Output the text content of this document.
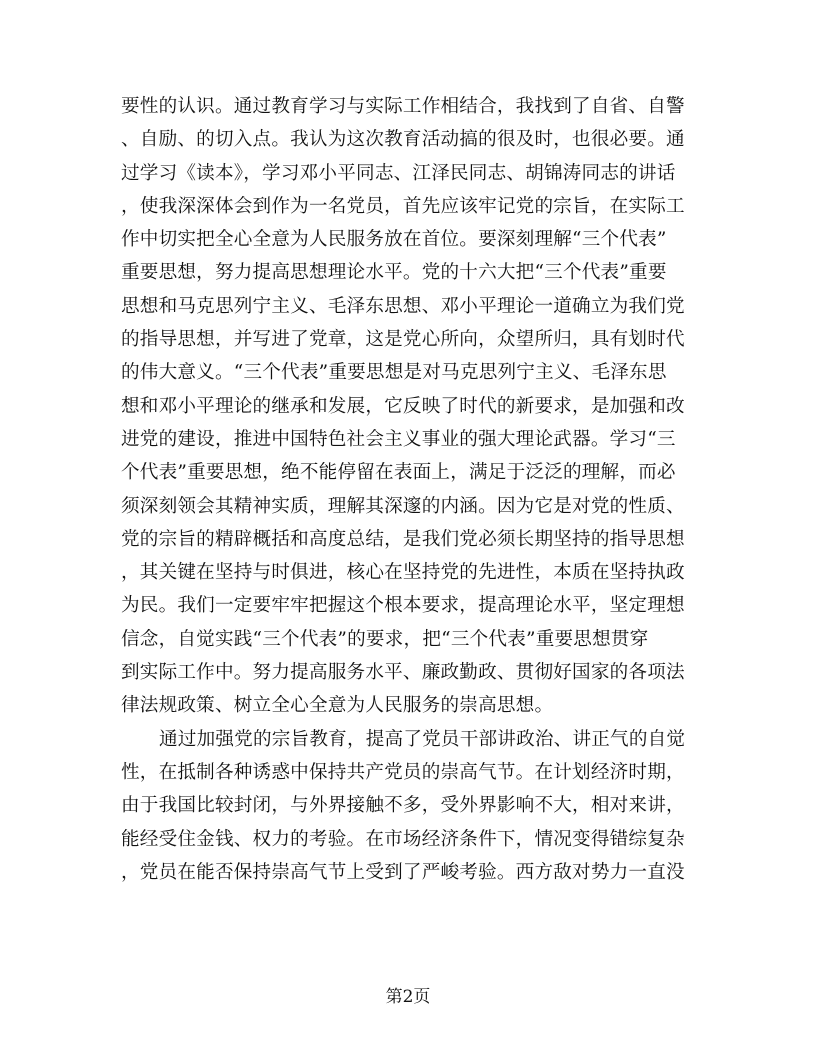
要性的认识。通过教育学习与实际工作相结合，我找到了自省、自警
、自励、的切入点。我认为这次教育活动搞的很及时，也很必要。通
过学习《读本》，学习邓小平同志、江泽民同志、胡锦涛同志的讲话
，使我深深体会到作为一名党员，首先应该牢记党的宗旨，在实际工
作中切实把全心全意为人民服务放在首位。要深刻理解“三个代表”
重要思想，努力提高思想理论水平。党的十六大把“三个代表”重要
思想和马克思列宁主义、毛泽东思想、邓小平理论一道确立为我们党
的指导思想，并写进了党章，这是党心所向，众望所归，具有划时代
的伟大意义。“三个代表”重要思想是对马克思列宁主义、毛泽东思
想和邓小平理论的继承和发展，它反映了时代的新要求，是加强和改
进党的建设，推进中国特色社会主义事业的强大理论武器。学习“三
个代表”重要思想，绝不能停留在表面上，满足于泛泛的理解，而必
须深刻领会其精神实质，理解其深邃的内涵。因为它是对党的性质、
党的宗旨的精辟概括和高度总结，是我们党必须长期坚持的指导思想
，其关键在坚持与时俱进，核心在坚持党的先进性，本质在坚持执政
为民。我们一定要牢牢把握这个根本要求，提高理论水平，坚定理想
信念，自觉实践“三个代表”的要求，把“三个代表”重要思想贯穿
到实际工作中。努力提高服务水平、廉政勤政、贯彻好国家的各项法
律法规政策、树立全心全意为人民服务的崇高思想。
通过加强党的宗旨教育，提高了党员干部讲政治、讲正气的自觉
性，在抵制各种诱惑中保持共产党员的崇高气节。在计划经济时期，
由于我国比较封闭，与外界接触不多，受外界影响不大，相对来讲，
能经受住金钱、权力的考验。在市场经济条件下，情况变得错综复杂
，党员在能否保持崇高气节上受到了严峻考验。西方敌对势力一直没
第2页
